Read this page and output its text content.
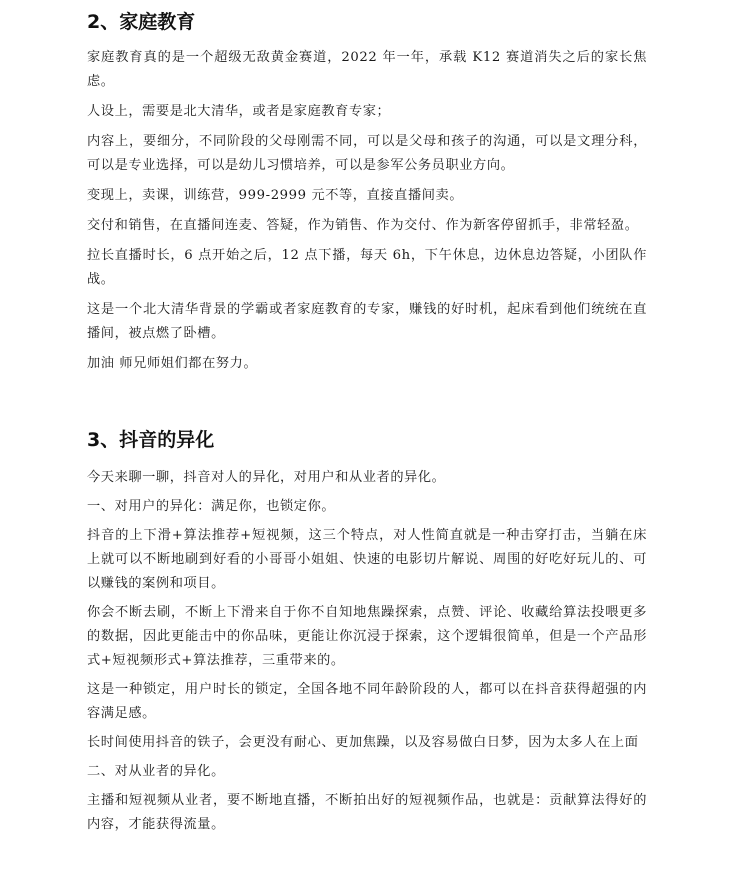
2、家庭教育

家庭教育真的是一个超级无敌黄金赛道，2022 年一年，承载 K12 赛道消失之后的家长焦虑。

人设上，需要是北大清华，或者是家庭教育专家；

内容上，要细分，不同阶段的父母刚需不同，可以是父母和孩子的沟通，可以是文理分科，可以是专业选择，可以是幼儿习惯培养，可以是参军公务员职业方向。

变现上，卖课，训练营，999-2999 元不等，直接直播间卖。

交付和销售，在直播间连麦、答疑，作为销售、作为交付、作为新客停留抓手，非常轻盈。

拉长直播时长，6 点开始之后，12 点下播，每天 6h，下午休息，边休息边答疑，小团队作战。

这是一个北大清华背景的学霸或者家庭教育的专家，赚钱的好时机，起床看到他们统统在直播间，被点燃了卧槽。

加油 师兄师姐们都在努力。

3、抖音的异化

今天来聊一聊，抖音对人的异化，对用户和从业者的异化。

一、对用户的异化：满足你，也锁定你。

抖音的上下滑+算法推荐+短视频，这三个特点，对人性简直就是一种击穿打击，当躺在床上就可以不断地刷到好看的小哥哥小姐姐、快速的电影切片解说、周围的好吃好玩儿的、可以赚钱的案例和项目。

你会不断去刷，不断上下滑来自于你不自知地焦躁探索，点赞、评论、收藏给算法投喂更多的数据，因此更能击中的你品味，更能让你沉浸于探索，这个逻辑很简单，但是一个产品形式+短视频形式+算法推荐，三重带来的。

这是一种锁定，用户时长的锁定，全国各地不同年龄阶段的人，都可以在抖音获得超强的内容满足感。

长时间使用抖音的铁子，会更没有耐心、更加焦躁，以及容易做白日梦，因为太多人在上面

二、对从业者的异化。

主播和短视频从业者，要不断地直播，不断拍出好的短视频作品，也就是：贡献算法得好的内容，才能获得流量。
